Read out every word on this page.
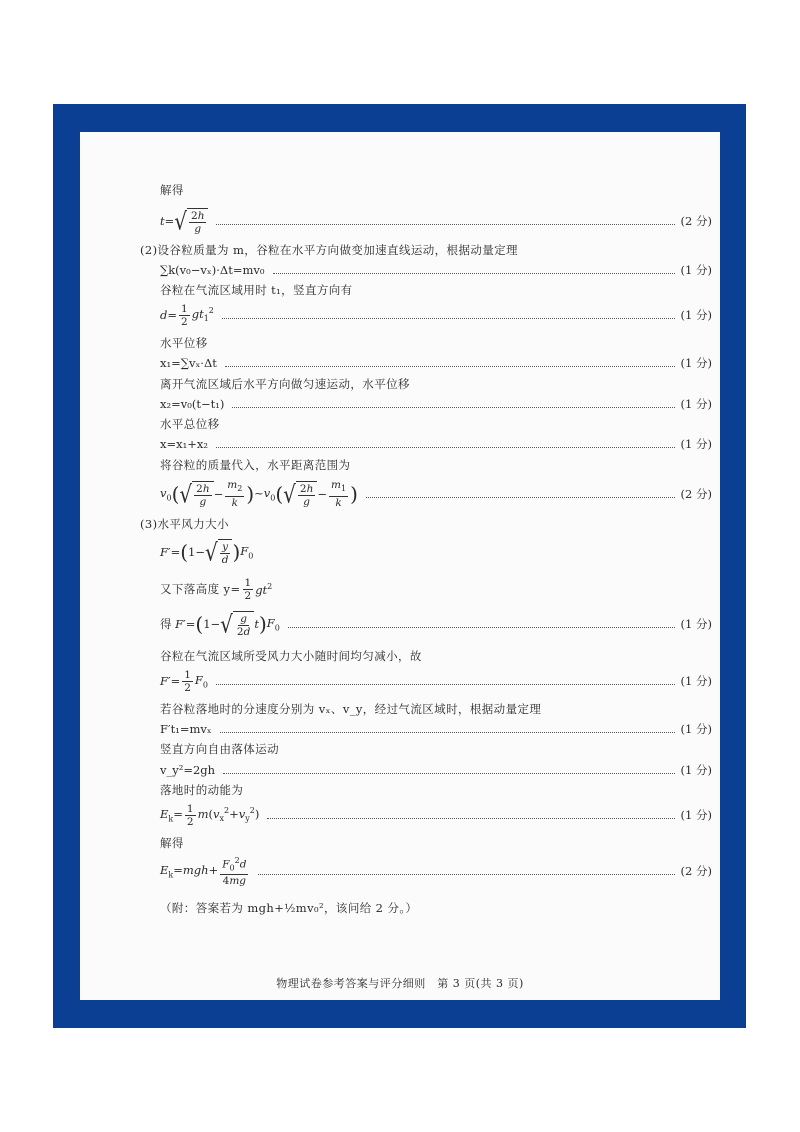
解得
t= √ $\frac{2h}{g}$	(2 分)
(2)设谷粒质量为 m，谷粒在水平方向做变加速直线运动，根据动量定理
∑k(v₀−vₓ)·Δt=mv₀	(1 分)
谷粒在气流区域用时 t₁，竖直方向有
$d= \frac{1}{2} gt_1^2$	(1 分)
水平位移
x₁=∑vₓ·Δt	(1 分)
离开气流区域后水平方向做匀速运动，水平位移
x₂=v₀(t−t₁)	(1 分)
水平总位移
x=x₁+x₂	(1 分)
将谷粒的质量代入，水平距离范围为
$v_0$ ( √ $\frac{2h}{g} - \frac{m_2}{k}$ ) $\sim v_0$ ( √ $\frac{2h}{g} - \frac{m_1}{k}$ )	(2 分)
(3)水平风力大小
F′= ( 1− √ $\frac{y}{d}$ ) $F_0$
又下落高度 $y= \frac{1}{2} gt^2$
得 F′= ( 1− √ $\frac{g}{2d}$ t ) $F_0$	(1 分)
谷粒在气流区域所受风力大小随时间均匀减小，故
$F'= \frac{1}{2} F_0$	(1 分)
若谷粒落地时的分速度分别为 vₓ、v_y，经过气流区域时，根据动量定理
F′t₁=mvₓ	(1 分)
竖直方向自由落体运动
v_y²=2gh	(1 分)
落地时的动能为
$E_k= \frac{1}{2} m(v_x^2+v_y^2)$	(1 分)
解得
$E_k=mgh+ \frac{F_0^2d}{4mg}$	(2 分)
（附：答案若为 mgh+½mv₀²，该问给 2 分。）
物理试卷参考答案与评分细则　第 3 页(共 3 页)
